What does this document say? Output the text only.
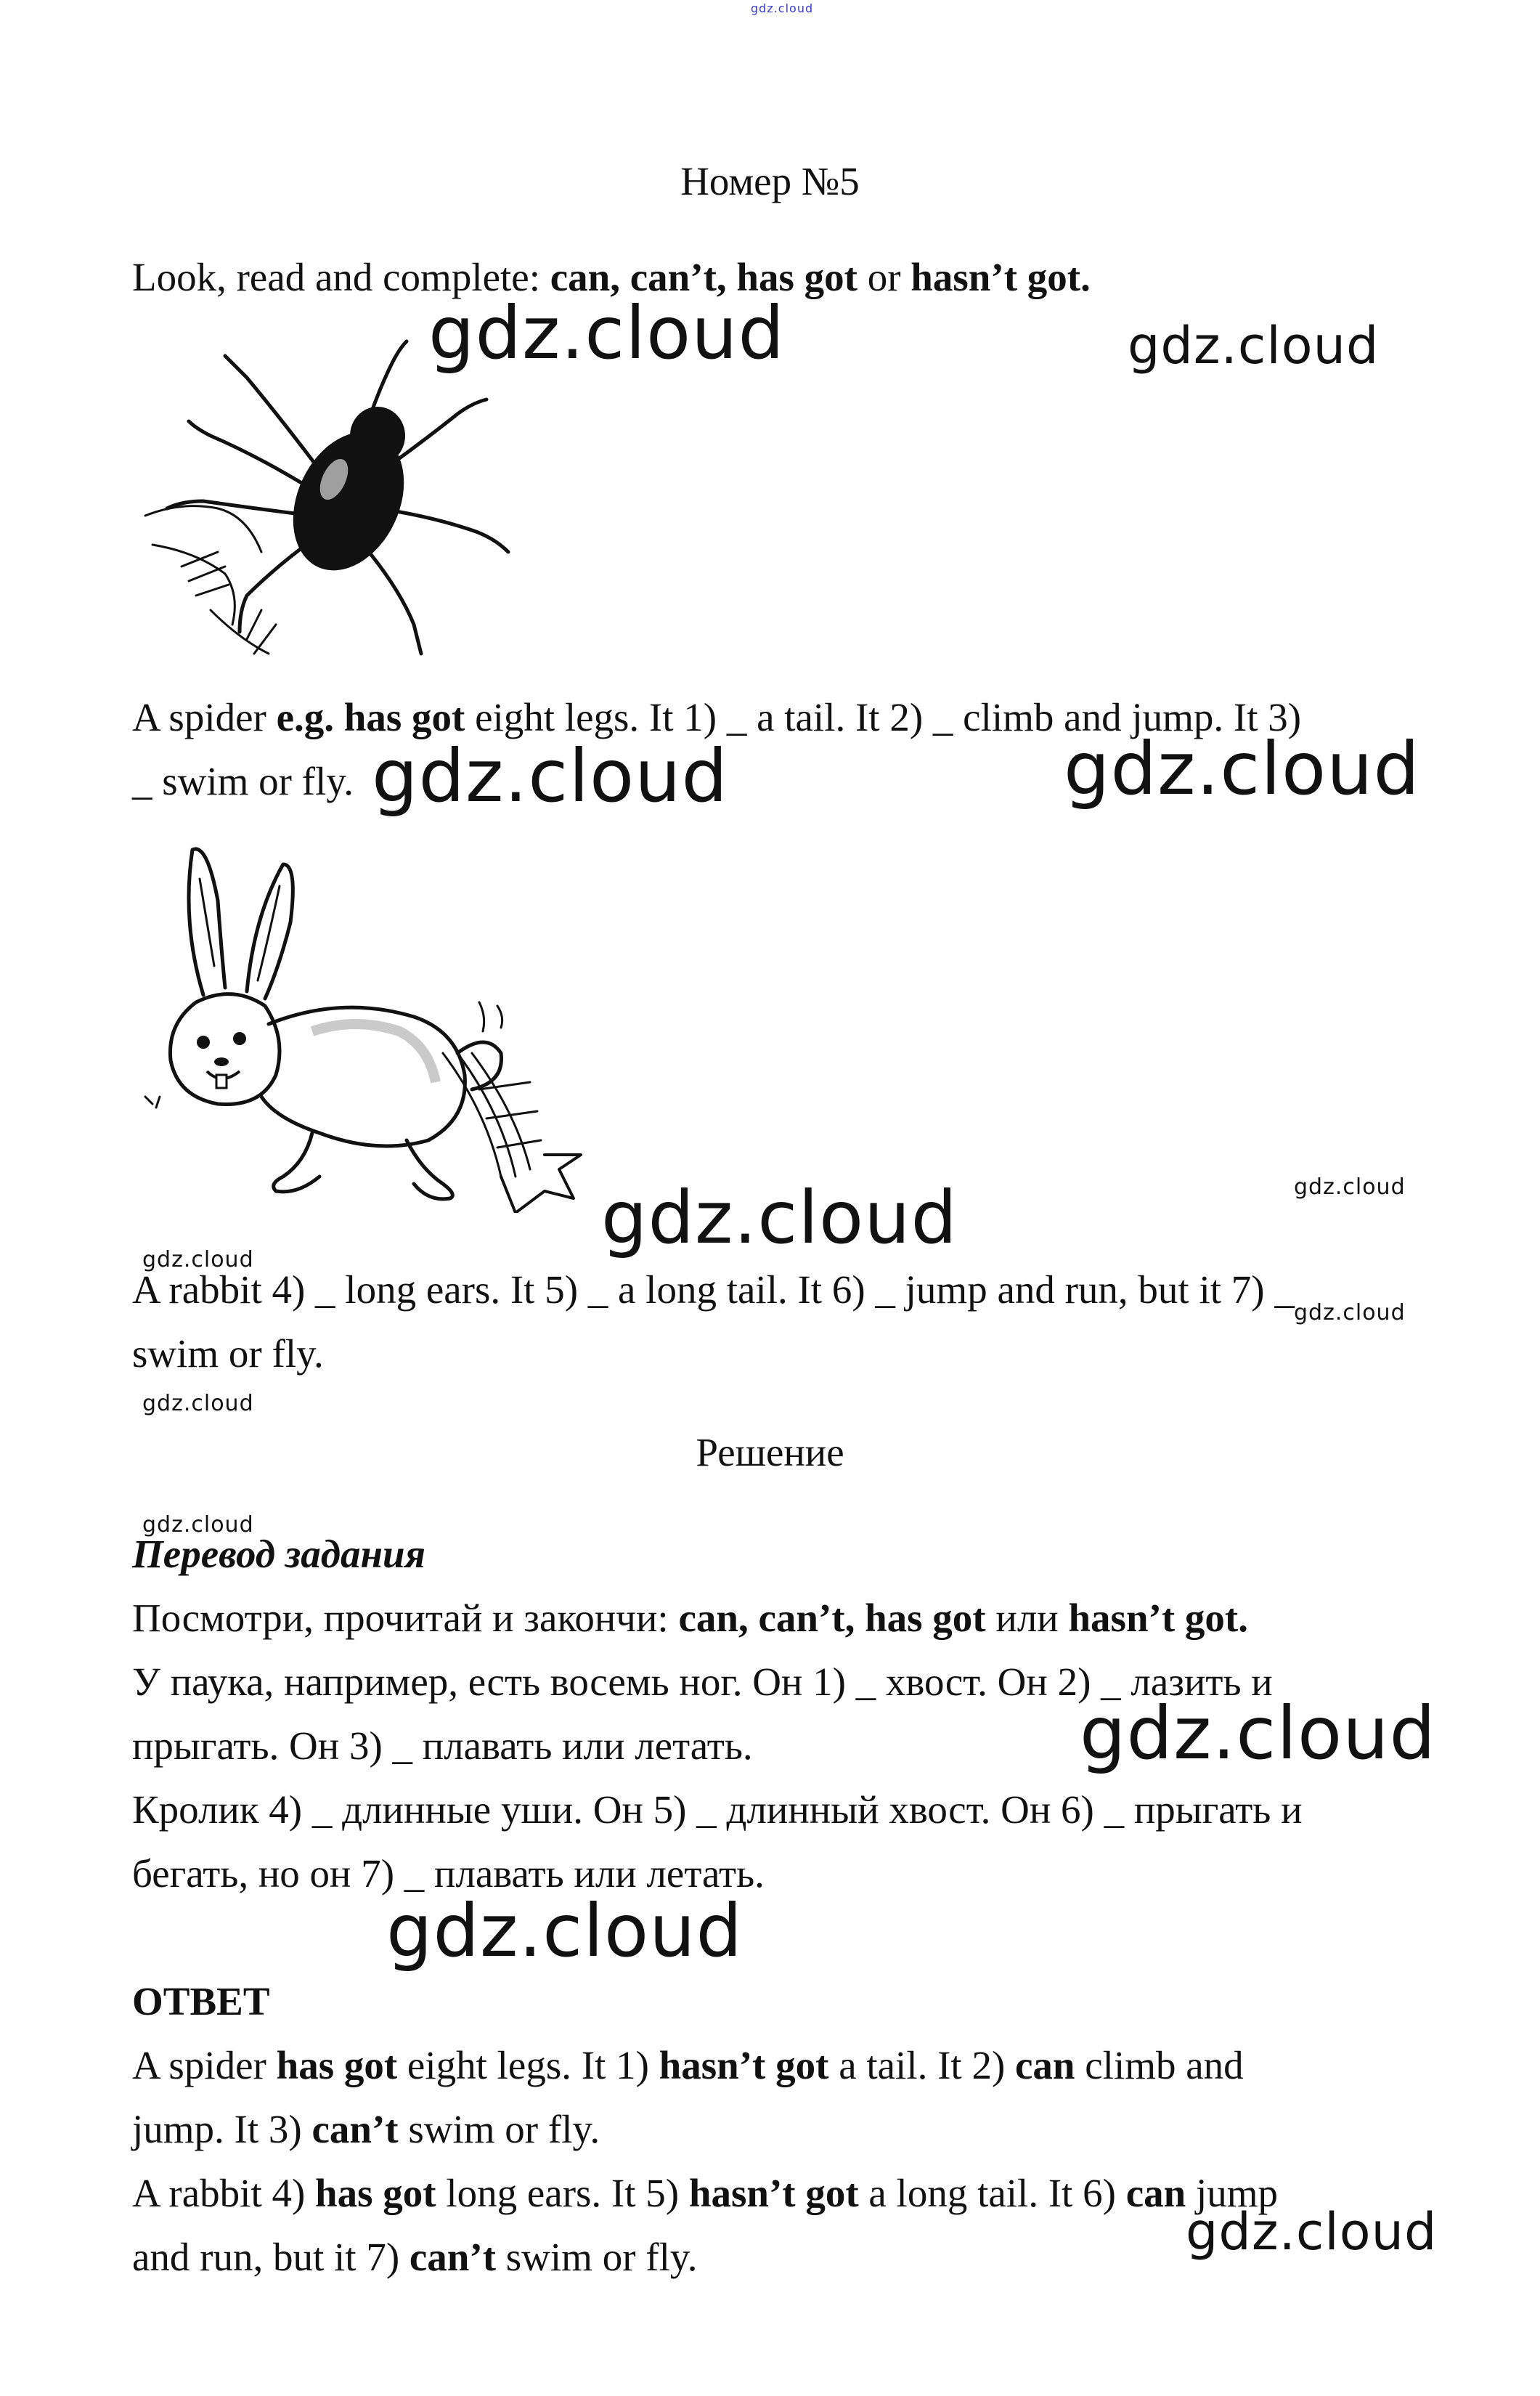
gdz.cloud
Номер №5
Look, read and complete: can, can’t, has got or hasn’t got.
gdz.cloud	gdz.cloud
A spider e.g. has got eight legs. It 1) _ a tail. It 2) _ climb and jump. It 3)
_ swim or fly. gdz.cloud	gdz.cloud
gdz.cloud	gdz.cloud
gdz.cloud
gdz.cloud
A rabbit 4) _ long ears. It 5) _ a long tail. It 6) _ jump and run, but it 7) _
swim or fly.
gdz.cloud
Решение
gdz.cloud
Перевод задания
Посмотри, прочитай и закончи: can, can’t, has got или hasn’t got.
У паука, например, есть восемь ног. Он 1) _ хвост. Он 2) _ лазить и
прыгать. Он 3) _ плавать или летать.
Кролик 4) _ длинные уши. Он 5) _ длинный хвост. Он 6) _ прыгать и
бегать, но он 7) _ плавать или летать.
gdz.cloud
gdz.cloud
ОТВЕТ
A spider has got eight legs. It 1) hasn’t got a tail. It 2) can climb and
jump. It 3) can’t swim or fly.
A rabbit 4) has got long ears. It 5) hasn’t got a long tail. It 6) can jump
and run, but it 7) can’t swim or fly.	gdz.cloud
